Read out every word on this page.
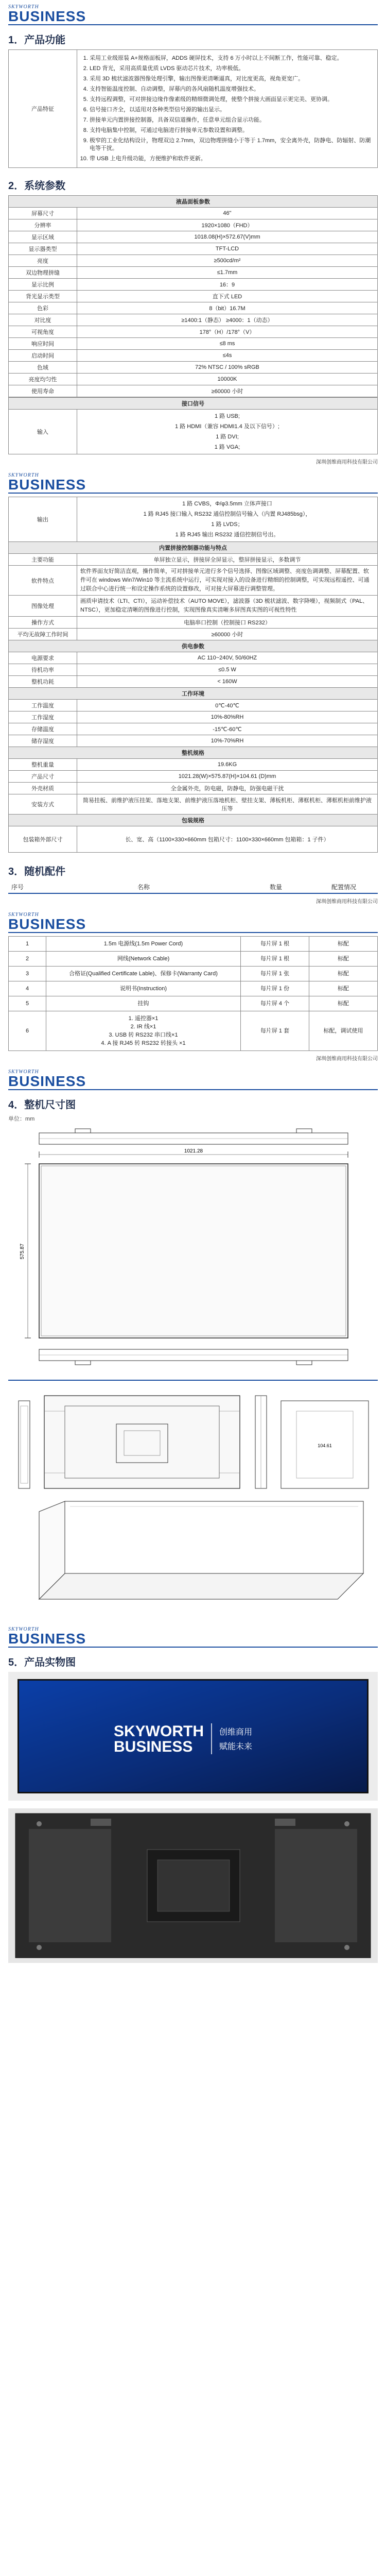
SKYWORTH
BUSINESS
1．产品功能
产品特征	
1. 采用工业级原装 A+规格面板屏，ADDS 硬屏技术，支持 6 万小时以上不间断工作，性能可靠、稳定。
2. LED 背光，采用高质量优质 LVDS 驱动芯片技术，功率极低。
3. 采用 3D 梳状滤波器图像处理引擎，输出图像更清晰逼真，对比度更高，视角更宽广。
4. 支持智能温度控制、自动调整，屏幕内的各风扇随机温度增强技术。
5. 支持远程调整，可对拼接边缘作像素级的精细微调处理，使整个拼接大画面显示更完美、更协调。
6. 信号接口齐全，以适用对各种类型信号源的输出显示。
7. 拼接单元内置拼接控制器，具备双信道操作，任意单元组合显示功能。
8. 支持电脑集中控制，可通过电脑进行拼接单元参数设置和调整。
9. 极窄的工业化结构设计，物理双边 2.7mm，双边物理拼缝小于等于 1.7mm，安全离外壳，防静电、防辐射、防潮电等干扰。
10. 带 USB 上电升级功能，方便维护和软件更新。
2．系统参数
液晶面板参数	
屏幕尺寸	46"
分辨率	1920×1080（FHD）
显示区域	1018.08(H)×572.67(V)mm
显示器类型	TFT-LCD
亮度	≥500cd/m²
双边物理拼缝	≤1.7mm
显示比例	16：9
背光显示类型	直下式 LED
色彩	8（bit）16.7M
对比度	≥1400:1（静态） ≥4000：1（动态）
可视角度	178°（H）/178°（V）
响应时间	≤8 ms
启动时间	≤4s
色域	72% NTSC / 100% sRGB
亮度均匀性	10000K
使用寿命	≥60000 小时
接口信号
输入	
1 路 USB;
1 路 HDMI（兼容 HDMI1.4 及以下信号）;
1 路 DVI;
1 路 VGA;
深圳创维商用科技有限公司
SKYWORTH
BUSINESS
输出	1 路 CVBS，Φ/φ3.5mm 立体声接口
1 路 RJ45 接口输入 RS232 通信控制信号输入（内置 RJ485bsg），
1 路 LVDS；
1 路 RJ45 输出 RS232 通信控制信号出。

内置拼接控制器功能与特点	
主要功能	单屏独立显示，拼接屏全屏显示，整屏拼接显示，多数调节
软件特点	软件界面友好简洁直观，操作简单，可对拼接单元进行多个信号选择、图像区域调整、亮度色调调整、屏幕配置、软件可在 windows Win7/Win10 等主流系统中运行，可实现对接入的设备进行精细的控制调整，可实现远程遥控、可通过联合中心进行统一和设定操作系统的设置修改，可对接大屏幕进行调整管理。
图像处理	画质申请技术（LTI、CTI），运动补偿技术（AUTO MOVE），滤波器（3D 梳状滤波、数字降噪），视频制式（PAL、NTSC），更加稳定清晰的图像进行控制，实现图像真实清晰多屏图真实图的可视性特性
操作方式	电脑串口控制（控制接口 RS232）
平均无故障工作时间	≥60000 小时
供电参数	
电源要求	AC 110~240V, 50/60HZ
待机功率	≤0.5 W
整机功耗	< 160W
工作环境	
工作温度	0℃-40℃
工作湿度	10%-80%RH
存储温度	-15℃-60℃
储存湿度	10%-70%RH
整机规格	
整机重量	19.6KG
产品尺寸	1021.28(W)×575.87(H)×104.61 (D)mm
外壳材质	全金属外壳，防电磁，防静电，防强电磁干扰
安装方式	简易挂板、前维护液压挂架、落地支架、前维护液压落地机柜、壁挂支架、薄板机柜、薄框机柜、薄框机柜前维护液压等
包装规格	
包装箱外部尺寸	长、宽、高（1100×330×660mm 包箱尺寸：1100×330×660mm 包箱箱：1 子件）
3．随机配件
序号	名称	数量	配置情况
深圳创维商用科技有限公司
SKYWORTH
BUSINESS
1	1.5m 电源线(1.5m Power Cord)	每片屏 1 根	标配
2	网线(Network Cable)	每片屏 1 根	标配
3	合格证(Qualified Certificate Lable)、保修卡(Warranty Card)	每片屏 1 张	标配
4	说明书(Instruction)	每片屏 1 份	标配
5	挂钩	每片屏 4 个	标配
6	1. 遥控器×1
2. IR 线×1
3. USB 转 RS232 串口线×1
4. A 接 RJ45 转 RS232 转接头 ×1	每片屏 1 套	标配，调试使用
深圳创维商用科技有限公司
SKYWORTH
BUSINESS
4．整机尺寸图
单位：mm
1021.28
575.87
104.61
SKYWORTH
BUSINESS
5．产品实物图
SKYWORTH
BUSINESS
创维商用
赋能未来
